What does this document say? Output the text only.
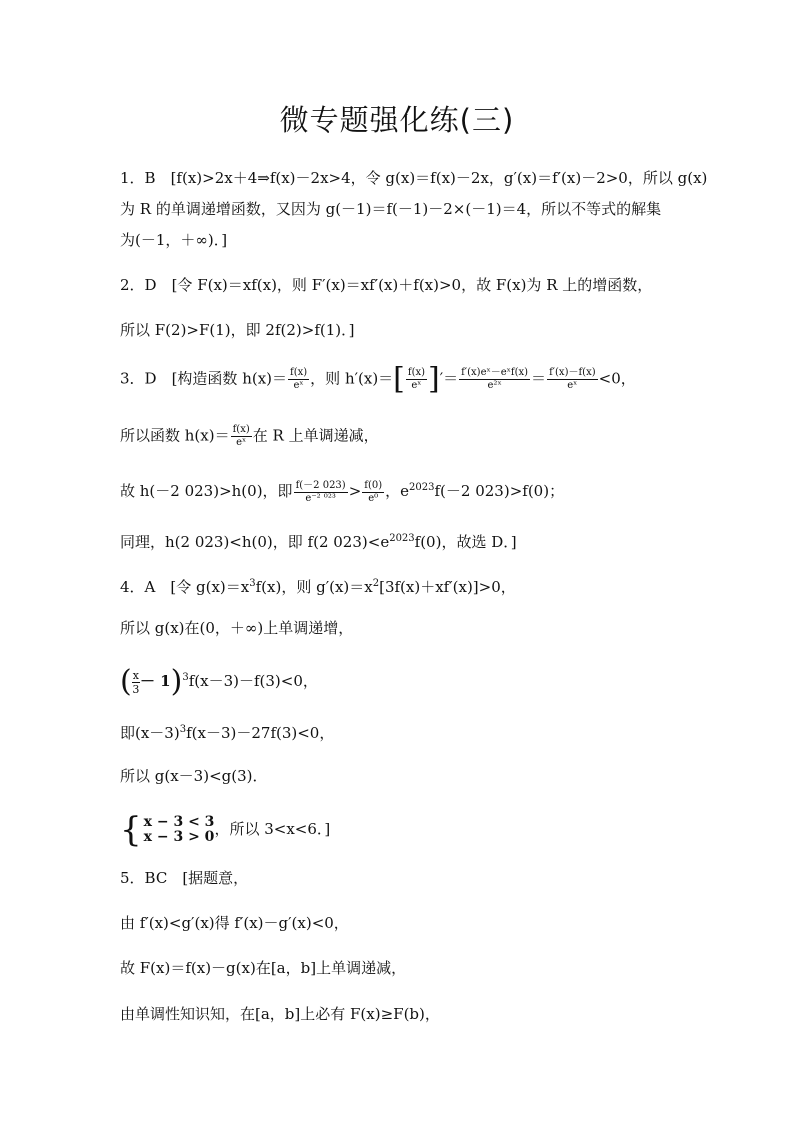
微专题强化练(三)
1．B　[f(x)>2x＋4⇒f(x)－2x>4，令 g(x)＝f(x)－2x，g′(x)＝f′(x)－2>0，所以 g(x)
为 R 的单调递增函数，又因为 g(－1)＝f(－1)－2×(－1)＝4，所以不等式的解集
为(－1，＋∞)．]
2．D　[令 F(x)＝xf(x)，则 F′(x)＝xf′(x)＋f(x)>0，故 F(x)为 R 上的增函数，
所以 F(2)>F(1)，即 2f(2)>f(1)．]
3．D　[构造函数 $h(x)= \frac{f(x)}{\text{eˣ}}$ ，则 $h'(x)=[ \frac{f(x)}{\text{eˣ}}$ ]′＝ $\frac{\text{f′(x)eˣ－eˣf(x)}}{\text{e²ˣ}} = \frac{f'(x)-f(x)}{\text{eˣ}} <0$，
所以函数 $h(x)= \frac{f(x)}{\text{eˣ}}$ 在 R 上单调递减，
故 h(－2 023)>h(0)，即 $\frac{f(-2 023)}{\text{e⁻² ⁰²³}} > \frac{f(0)}{\text{e⁰}}$ ，$e^{2023}f(-2$ 023)>f(0)；
同理，h(2 023)<h(0)，即 f(2 $023)<e^{2023}f(0)$，故选 D．]
4．A　[令 $g(x)=x^3f(x)$，则 $g'(x)=x^2[3f(x)+xf'(x)]>0$，
所以 g(x)在(0，＋∞)上单调递增，
( $\frac{x}{3} - 1)^3f(x-3)-f(3)<0$，
即$(x-3)^3f(x-3)-27f(3)<0$，
所以 g(x－3)<g(3)．
{ x − 3 < 3
x − 3 > 0 ，所以 3<x<6．]
5．BC　[据题意，
由 f′(x)<g′(x)得 f′(x)－g′(x)<0，
故 F(x)＝f(x)－g(x)在[a，b]上单调递减，
由单调性知识知，在[a，b]上必有 F(x)≥F(b)，
